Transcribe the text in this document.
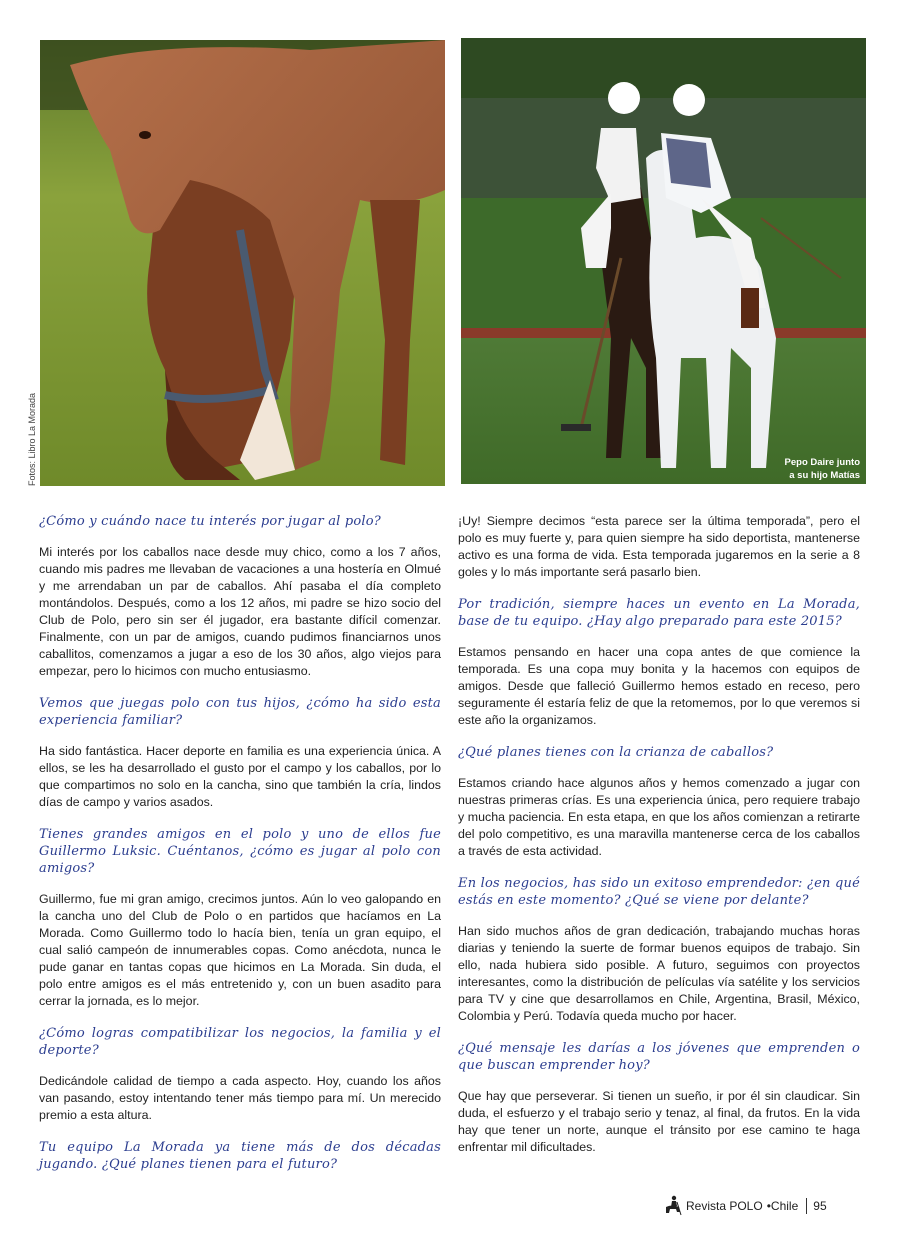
Fotos: Libro La Morada	Pepo Daire junto
a su hijo Matías

¿Cómo y cuándo nace tu interés por jugar al polo?

Mi interés por los caballos nace desde muy chico, como a los 7 años, cuando mis padres me llevaban de vacaciones a una hostería en Olmué y me arrendaban un par de caballos. Ahí pasaba el día completo montándolos. Después, como a los 12 años, mi padre se hizo socio del Club de Polo, pero sin ser él jugador, era bastante difícil comenzar. Finalmente, con un par de amigos, cuando pudimos financiarnos unos caballitos, comenzamos a jugar a eso de los 30 años, algo viejos para empezar, pero lo hicimos con mucho entusiasmo.

Vemos que juegas polo con tus hijos, ¿cómo ha sido esta experiencia familiar?

Ha sido fantástica. Hacer deporte en familia es una experiencia única. A ellos, se les ha desarrollado el gusto por el campo y los caballos, por lo que compartimos no solo en la cancha, sino que también la cría, lindos días de campo y varios asados.

Tienes grandes amigos en el polo y uno de ellos fue Guillermo Luksic. Cuéntanos, ¿cómo es jugar al polo con amigos?

Guillermo, fue mi gran amigo, crecimos juntos. Aún lo veo galopando en la cancha uno del Club de Polo o en partidos que hacíamos en La Morada. Como Guillermo todo lo hacía bien, tenía un gran equipo, el cual salió campeón de innumerables copas. Como anécdota, nunca le pude ganar en tantas copas que hicimos en La Morada. Sin duda, el polo entre amigos es el más entretenido y, con un buen asadito para cerrar la jornada, es lo mejor.

¿Cómo logras compatibilizar los negocios, la familia y el deporte?

Dedicándole calidad de tiempo a cada aspecto. Hoy, cuando los años van pasando, estoy intentando tener más tiempo para mí. Un merecido premio a esta altura.

Tu equipo La Morada ya tiene más de dos décadas jugando. ¿Qué planes tienen para el futuro?

¡Uy! Siempre decimos “esta parece ser la última temporada”, pero el polo es muy fuerte y, para quien siempre ha sido deportista, mantenerse activo es una forma de vida. Esta temporada jugaremos en la serie a 8 goles y lo más importante será pasarlo bien.

Por tradición, siempre haces un evento en La Morada, base de tu equipo. ¿Hay algo preparado para este 2015?

Estamos pensando en hacer una copa antes de que comience la temporada. Es una copa muy bonita y la hacemos con equipos de amigos. Desde que falleció Guillermo hemos estado en receso, pero seguramente él estaría feliz de que la retomemos, por lo que veremos si este año la organizamos.

¿Qué planes tienes con la crianza de caballos?

Estamos criando hace algunos años y hemos comenzado a jugar con nuestras primeras crías. Es una experiencia única, pero requiere trabajo y mucha paciencia. En esta etapa, en que los años comienzan a retirarte del polo competitivo, es una maravilla mantenerse cerca de los caballos a través de esta actividad.

En los negocios, has sido un exitoso emprendedor: ¿en qué estás en este momento? ¿Qué se viene por delante?

Han sido muchos años de gran dedicación, trabajando muchas horas diarias y teniendo la suerte de formar buenos equipos de trabajo. Sin ello, nada hubiera sido posible. A futuro, seguimos con proyectos interesantes, como la distribución de películas vía satélite y los servicios para TV y cine que desarrollamos en Chile, Argentina, Brasil, México, Colombia y Perú. Todavía queda mucho por hacer.

¿Qué mensaje les darías a los jóvenes que emprenden o que buscan emprender hoy?

Que hay que perseverar. Si tienen un sueño, ir por él sin claudicar. Sin duda, el esfuerzo y el trabajo serio y tenaz, al final, da frutos. En la vida hay que tener un norte, aunque el tránsito por ese camino te haga enfrentar mil dificultades.

Revista POLO • Chile 95
